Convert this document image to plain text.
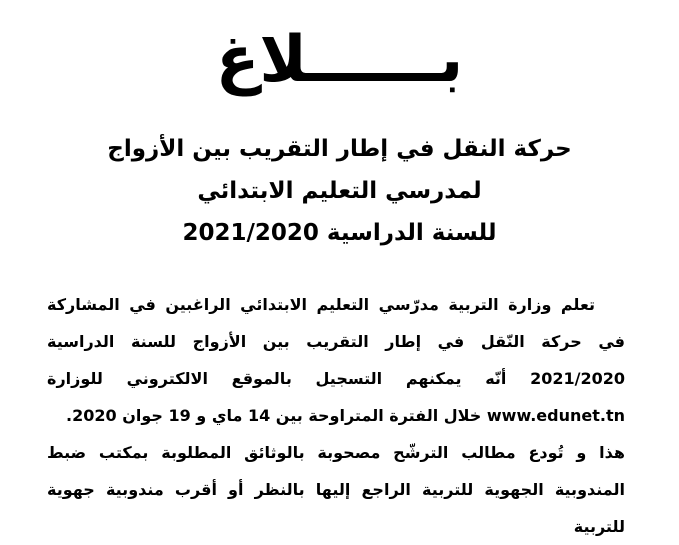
بــــــلاغ
حركة النقل في إطار التقريب بين الأزواج
لمدرسي التعليم الابتدائي
للسنة الدراسية 2021/2020

تعلم وزارة التربية مدرّسي التعليم الابتدائي الراغبين في المشاركة في حركة النّقل في إطار التقريب بين الأزواج للسنة الدراسية 2021/2020 أنّه يمكنهم التسجيل بالموقع الالكتروني للوزارة www.edunet.tn خلال الفترة المتراوحة بين 14 ماي و 19 جوان 2020.

هذا و تُودع مطالب الترشّح مصحوبة بالوثائق المطلوبة بمكتب ضبط المندوبية الجهوية للتربية الراجع إليها بالنظر أو أقرب مندوبية جهوية للتربية
